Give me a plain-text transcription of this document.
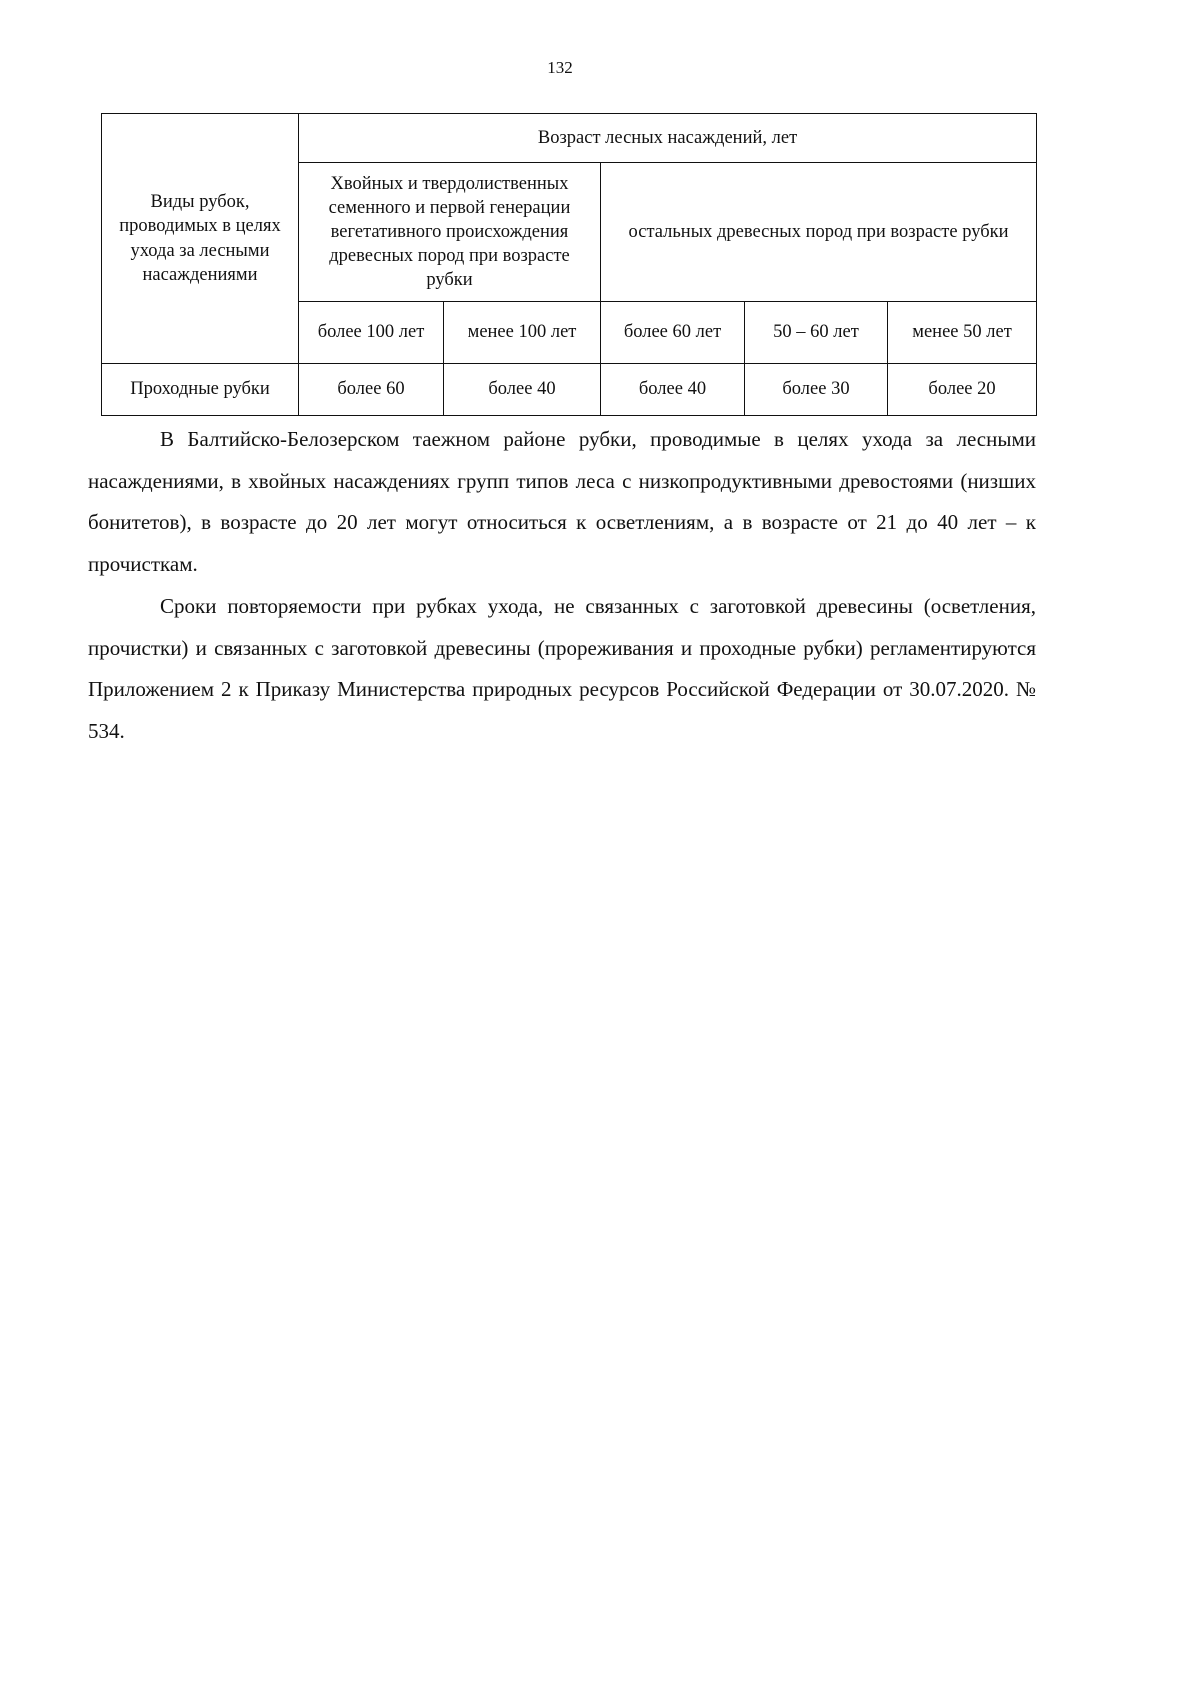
132
Виды рубок, проводимых в целях ухода за лесными насаждениями	Возраст лесных насаждений, лет				
	Хвойных и твердолиственных семенного и первой генерации вегетативного происхождения древесных пород при возрасте рубки		остальных древесных пород при возрасте рубки		
	более 100 лет	менее 100 лет	более 60 лет	50 – 60 лет	менее 50 лет
Проходные рубки	более 60	более 40	более 40	более 30	более 20

В Балтийско-Белозерском таежном районе рубки, проводимые в целях ухода за лесными насаждениями, в хвойных насаждениях групп типов леса с низкопродуктивными древостоями (низших бонитетов), в возрасте до 20 лет могут относиться к осветлениям, а в возрасте от 21 до 40 лет – к прочисткам.

Сроки повторяемости при рубках ухода, не связанных с заготовкой древесины (осветления, прочистки) и связанных с заготовкой древесины (прореживания и проходные рубки) регламентируются Приложением 2 к Приказу Министерства природных ресурсов Российской Федерации от 30.07.2020. № 534.
